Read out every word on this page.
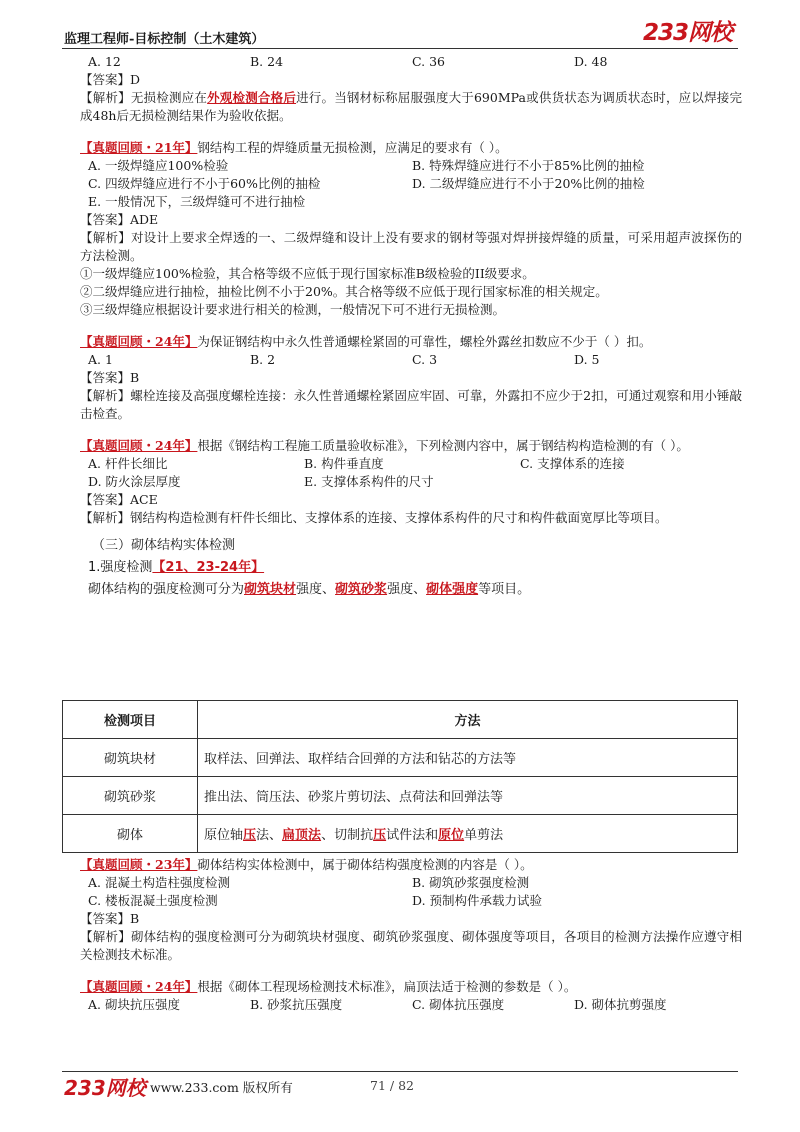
监理工程师-目标控制（土木建筑）	233网校
A. 12	B. 24	C. 36	D. 48

【答案】D

【解析】无损检测应在外观检测合格后进行。当钢材标称屈服强度大于690MPa或供货状态为调质状态时，应以焊接完成48h后无损检测结果作为验收依据。

【真题回顾・21年】钢结构工程的焊缝质量无损检测，应满足的要求有（ ）。

A. 一级焊缝应100%检验	B. 特殊焊缝应进行不小于85%比例的抽检
C. 四级焊缝应进行不小于60%比例的抽检	D. 二级焊缝应进行不小于20%比例的抽检
E. 一般情况下，三级焊缝可不进行抽检

【答案】ADE

【解析】对设计上要求全焊透的一、二级焊缝和设计上没有要求的钢材等强对焊拼接焊缝的质量，可采用超声波探伤的方法检测。

①一级焊缝应100%检验，其合格等级不应低于现行国家标准B级检验的II级要求。

②二级焊缝应进行抽检，抽检比例不小于20%。其合格等级不应低于现行国家标准的相关规定。

③三级焊缝应根据设计要求进行相关的检测，一般情况下可不进行无损检测。

【真题回顾・24年】为保证钢结构中永久性普通螺栓紧固的可靠性，螺栓外露丝扣数应不少于（ ）扣。

A. 1	B. 2	C. 3	D. 5

【答案】B

【解析】螺栓连接及高强度螺栓连接：永久性普通螺栓紧固应牢固、可靠，外露扣不应少于2扣，可通过观察和用小锤敲击检查。

【真题回顾・24年】根据《钢结构工程施工质量验收标准》，下列检测内容中，属于钢结构构造检测的有（ ）。

A. 杆件长细比	B. 构件垂直度	C. 支撑体系的连接
D. 防火涂层厚度	E. 支撑体系构件的尺寸

【答案】ACE

【解析】钢结构构造检测有杆件长细比、支撑体系的连接、支撑体系构件的尺寸和构件截面宽厚比等项目。

（三）砌体结构实体检测
1.强度检测【21、23-24年】
砌体结构的强度检测可分为砌筑块材强度、砌筑砂浆强度、砌体强度等项目。
检测项目	方法
砌筑块材	取样法、回弹法、取样结合回弹的方法和钻芯的方法等
砌筑砂浆	推出法、筒压法、砂浆片剪切法、点荷法和回弹法等
砌体	原位轴压法、扁顶法、切制抗压试件法和原位单剪法

【真题回顾・23年】砌体结构实体检测中，属于砌体结构强度检测的内容是（ ）。

A. 混凝土构造柱强度检测	B. 砌筑砂浆强度检测
C. 楼板混凝土强度检测	D. 预制构件承载力试验

【答案】B

【解析】砌体结构的强度检测可分为砌筑块材强度、砌筑砂浆强度、砌体强度等项目，各项目的检测方法操作应遵守相关检测技术标准。

【真题回顾・24年】根据《砌体工程现场检测技术标准》，扁顶法适于检测的参数是（ ）。

A. 砌块抗压强度	B. 砂浆抗压强度	C. 砌体抗压强度	D. 砌体抗剪强度
233网校 www.233.com 版权所有	71 / 82
